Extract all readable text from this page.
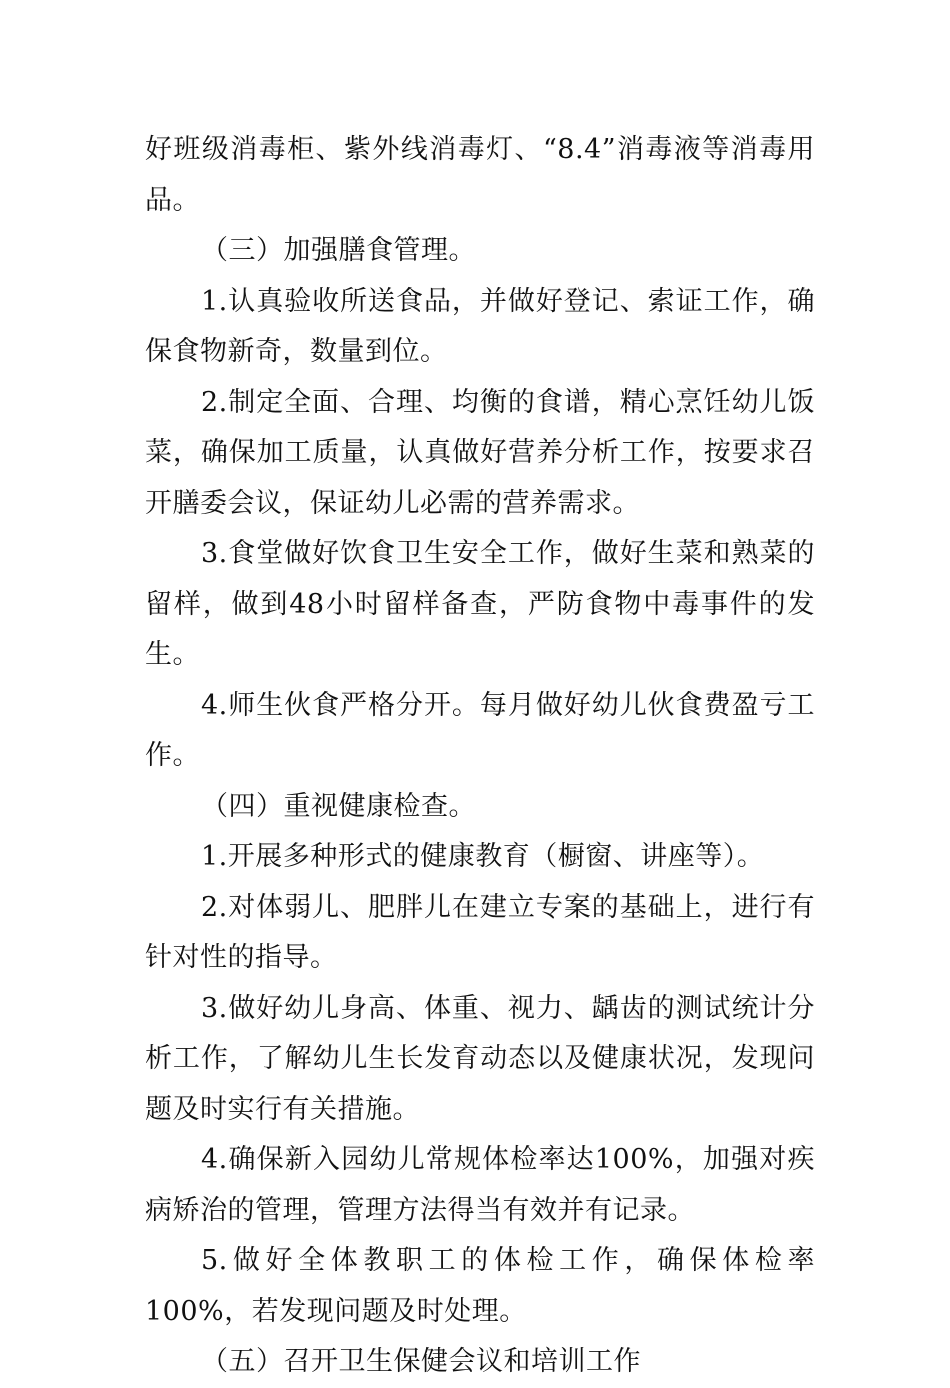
好班级消毒柜、紫外线消毒灯、“8.4”消毒液等消毒用品。

（三）加强膳食管理。

1.认真验收所送食品，并做好登记、索证工作，确保食物新奇，数量到位。

2.制定全面、合理、均衡的食谱，精心烹饪幼儿饭菜，确保加工质量，认真做好营养分析工作，按要求召开膳委会议，保证幼儿必需的营养需求。

3.食堂做好饮食卫生安全工作，做好生菜和熟菜的留样，做到48小时留样备查，严防食物中毒事件的发生。

4.师生伙食严格分开。每月做好幼儿伙食费盈亏工作。

（四）重视健康检查。

1.开展多种形式的健康教育（橱窗、讲座等）。

2.对体弱儿、肥胖儿在建立专案的基础上，进行有针对性的指导。

3.做好幼儿身高、体重、视力、龋齿的测试统计分析工作，了解幼儿生长发育动态以及健康状况，发现问题及时实行有关措施。

4.确保新入园幼儿常规体检率达100%，加强对疾病矫治的管理，管理方法得当有效并有记录。

5.做好全体教职工的体检工作，确保体检率100%，若发现问题及时处理。

（五）召开卫生保健会议和培训工作
